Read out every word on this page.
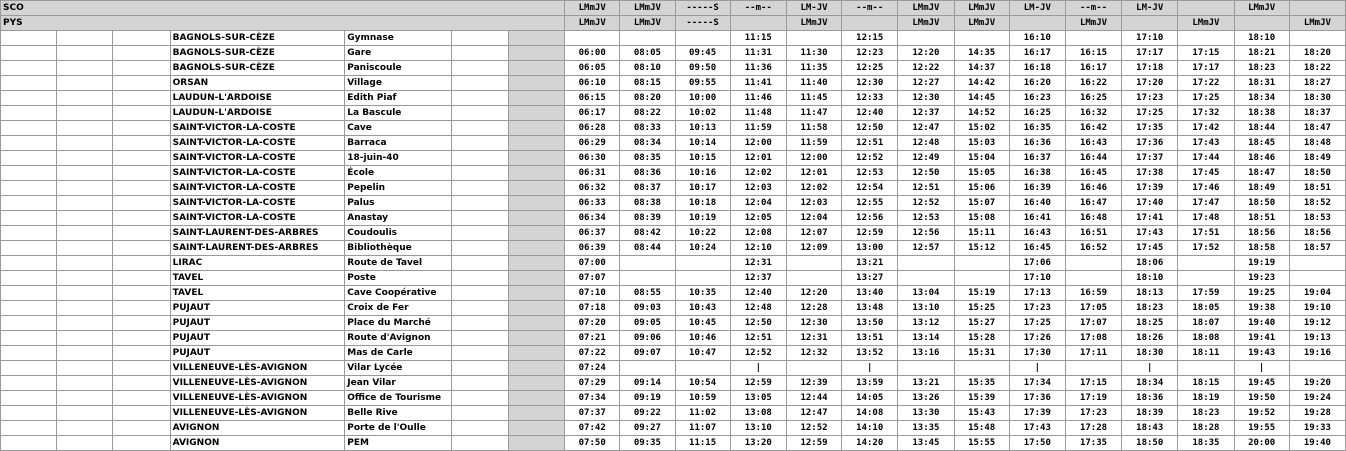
SCO							LMmJV	LMmJV	-----S	--m--	LM-JV	--m--	LMmJV	LMmJV	LM-JV	--m--	LM-JV		LMmJV	
PYS							LMmJV	LMmJV	-----S		LMmJV		LMmJV	LMmJV		LMmJV		LMmJV		LMmJV
			BAGNOLS-SUR-CÈZE	Gymnase						11:15		12:15			16:10		17:10		18:10	
			BAGNOLS-SUR-CÈZE	Gare			06:00	08:05	09:45	11:31	11:30	12:23	12:20	14:35	16:17	16:15	17:17	17:15	18:21	18:20
			BAGNOLS-SUR-CÈZE	Paniscoule			06:05	08:10	09:50	11:36	11:35	12:25	12:22	14:37	16:18	16:17	17:18	17:17	18:23	18:22
			ORSAN	Village			06:10	08:15	09:55	11:41	11:40	12:30	12:27	14:42	16:20	16:22	17:20	17:22	18:31	18:27
			LAUDUN-L'ARDOISE	Edith Piaf			06:15	08:20	10:00	11:46	11:45	12:33	12:30	14:45	16:23	16:25	17:23	17:25	18:34	18:30
			LAUDUN-L'ARDOISE	La Bascule			06:17	08:22	10:02	11:48	11:47	12:40	12:37	14:52	16:25	16:32	17:25	17:32	18:38	18:37
			SAINT-VICTOR-LA-COSTE	Cave			06:28	08:33	10:13	11:59	11:58	12:50	12:47	15:02	16:35	16:42	17:35	17:42	18:44	18:47
			SAINT-VICTOR-LA-COSTE	Barraca			06:29	08:34	10:14	12:00	11:59	12:51	12:48	15:03	16:36	16:43	17:36	17:43	18:45	18:48
			SAINT-VICTOR-LA-COSTE	18-juin-40			06:30	08:35	10:15	12:01	12:00	12:52	12:49	15:04	16:37	16:44	17:37	17:44	18:46	18:49
			SAINT-VICTOR-LA-COSTE	École			06:31	08:36	10:16	12:02	12:01	12:53	12:50	15:05	16:38	16:45	17:38	17:45	18:47	18:50
			SAINT-VICTOR-LA-COSTE	Pepelin			06:32	08:37	10:17	12:03	12:02	12:54	12:51	15:06	16:39	16:46	17:39	17:46	18:49	18:51
			SAINT-VICTOR-LA-COSTE	Palus			06:33	08:38	10:18	12:04	12:03	12:55	12:52	15:07	16:40	16:47	17:40	17:47	18:50	18:52
			SAINT-VICTOR-LA-COSTE	Anastay			06:34	08:39	10:19	12:05	12:04	12:56	12:53	15:08	16:41	16:48	17:41	17:48	18:51	18:53
			SAINT-LAURENT-DES-ARBRES	Coudoulis			06:37	08:42	10:22	12:08	12:07	12:59	12:56	15:11	16:43	16:51	17:43	17:51	18:56	18:56
			SAINT-LAURENT-DES-ARBRES	Bibliothèque			06:39	08:44	10:24	12:10	12:09	13:00	12:57	15:12	16:45	16:52	17:45	17:52	18:58	18:57
			LIRAC	Route de Tavel			07:00			12:31		13:21			17:06		18:06		19:19	
			TAVEL	Poste			07:07			12:37		13:27			17:10		18:10		19:23	
			TAVEL	Cave Coopérative			07:10	08:55	10:35	12:40	12:20	13:40	13:04	15:19	17:13	16:59	18:13	17:59	19:25	19:04
			PUJAUT	Croix de Fer			07:18	09:03	10:43	12:48	12:28	13:48	13:10	15:25	17:23	17:05	18:23	18:05	19:38	19:10
			PUJAUT	Place du Marché			07:20	09:05	10:45	12:50	12:30	13:50	13:12	15:27	17:25	17:07	18:25	18:07	19:40	19:12
			PUJAUT	Route d'Avignon			07:21	09:06	10:46	12:51	12:31	13:51	13:14	15:28	17:26	17:08	18:26	18:08	19:41	19:13
			PUJAUT	Mas de Carle			07:22	09:07	10:47	12:52	12:32	13:52	13:16	15:31	17:30	17:11	18:30	18:11	19:43	19:16
			VILLENEUVE-LÈS-AVIGNON	Vilar Lycée			07:24			|		|			|		|		|	
			VILLENEUVE-LÈS-AVIGNON	Jean Vilar			07:29	09:14	10:54	12:59	12:39	13:59	13:21	15:35	17:34	17:15	18:34	18:15	19:45	19:20
			VILLENEUVE-LÈS-AVIGNON	Office de Tourisme			07:34	09:19	10:59	13:05	12:44	14:05	13:26	15:39	17:36	17:19	18:36	18:19	19:50	19:24
			VILLENEUVE-LÈS-AVIGNON	Belle Rive			07:37	09:22	11:02	13:08	12:47	14:08	13:30	15:43	17:39	17:23	18:39	18:23	19:52	19:28
			AVIGNON	Porte de l'Oulle			07:42	09:27	11:07	13:10	12:52	14:10	13:35	15:48	17:43	17:28	18:43	18:28	19:55	19:33
			AVIGNON	PEM			07:50	09:35	11:15	13:20	12:59	14:20	13:45	15:55	17:50	17:35	18:50	18:35	20:00	19:40
